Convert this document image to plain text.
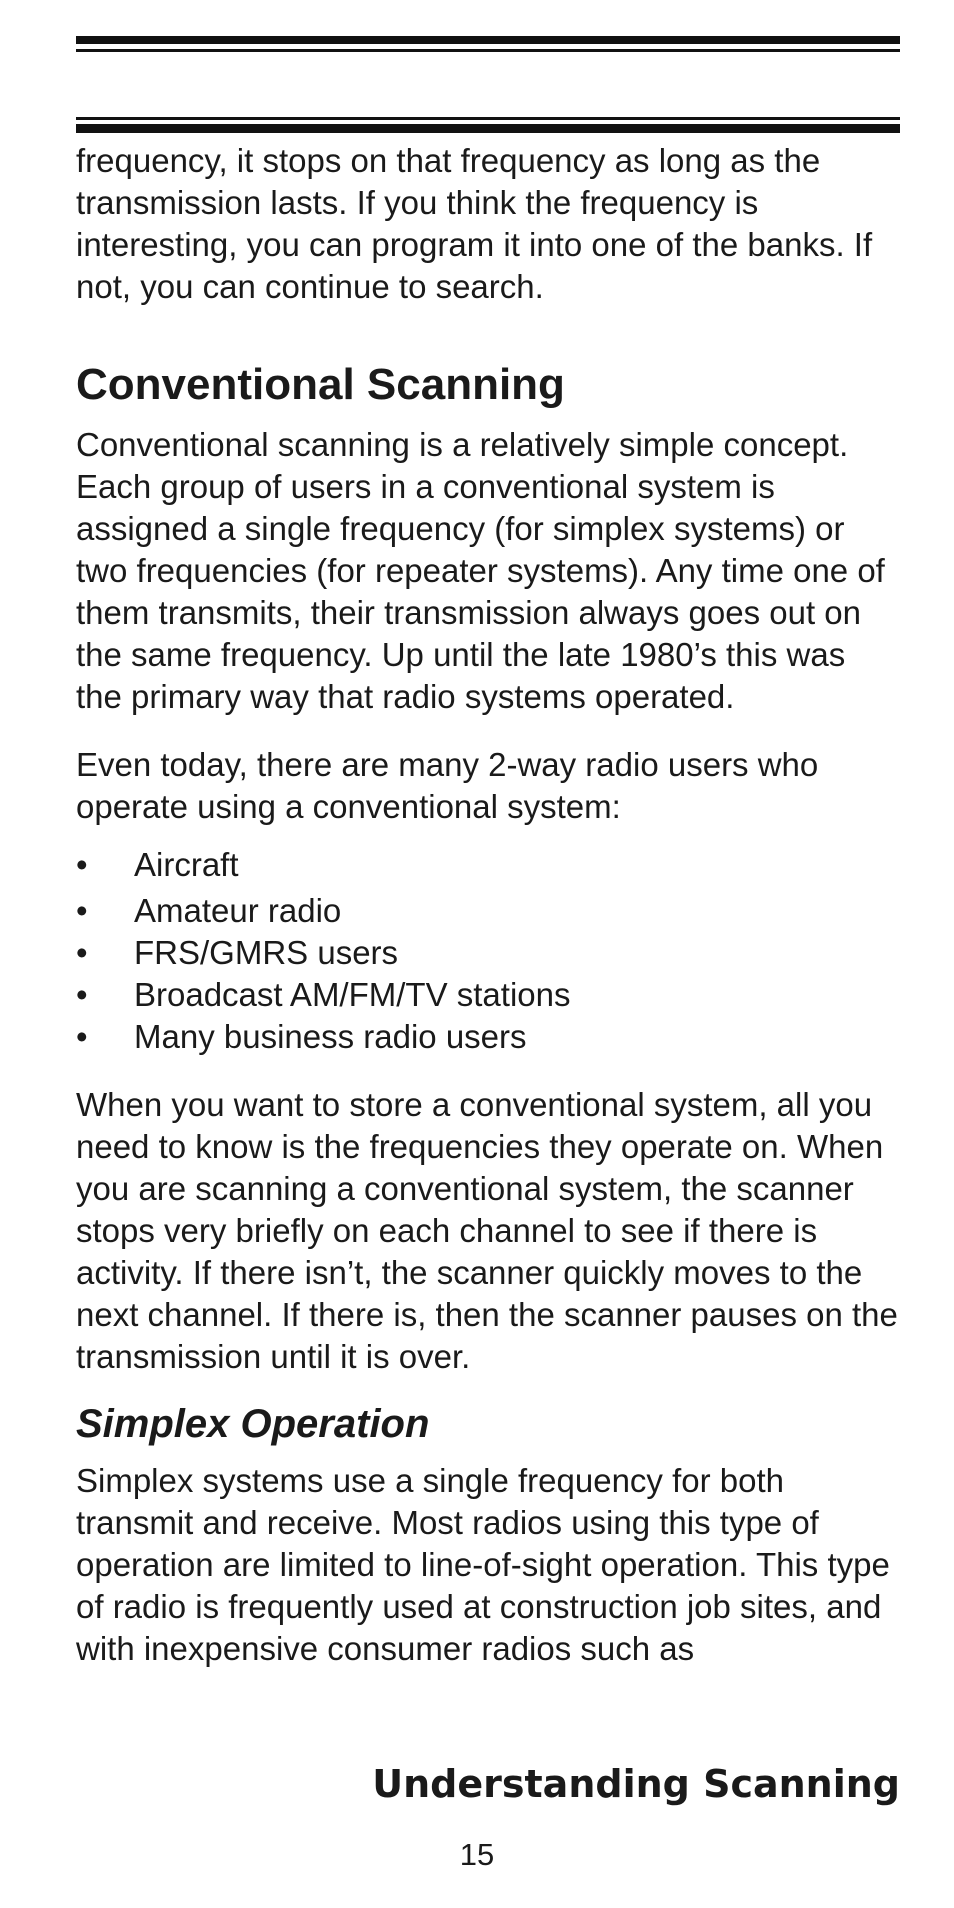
frequency, it stops on that frequency as long as the transmission lasts. If you think the frequency is interesting, you can program it into one of the banks. If not, you can continue to search.

Conventional Scanning

Conventional scanning is a relatively simple concept. Each group of users in a conventional system is assigned a single frequency (for simplex systems) or two frequencies (for repeater systems). Any time one of them transmits, their transmission always goes out on the same frequency. Up until the late 1980’s this was the primary way that radio systems operated.

Even today, there are many 2-way radio users who operate using a conventional system:

• Aircraft
• Amateur radio
• FRS/GMRS users
• Broadcast AM/FM/TV stations
• Many business radio users

When you want to store a conventional system, all you need to know is the frequencies they operate on. When you are scanning a conventional system, the scanner stops very briefly on each channel to see if there is activity. If there isn’t, the scanner quickly moves to the next channel. If there is, then the scanner pauses on the transmission until it is over.

Simplex Operation

Simplex systems use a single frequency for both transmit and receive. Most radios using this type of operation are limited to line-of-sight operation. This type of radio is frequently used at construction job sites, and with inexpensive consumer radios such as

Understanding Scanning
15
